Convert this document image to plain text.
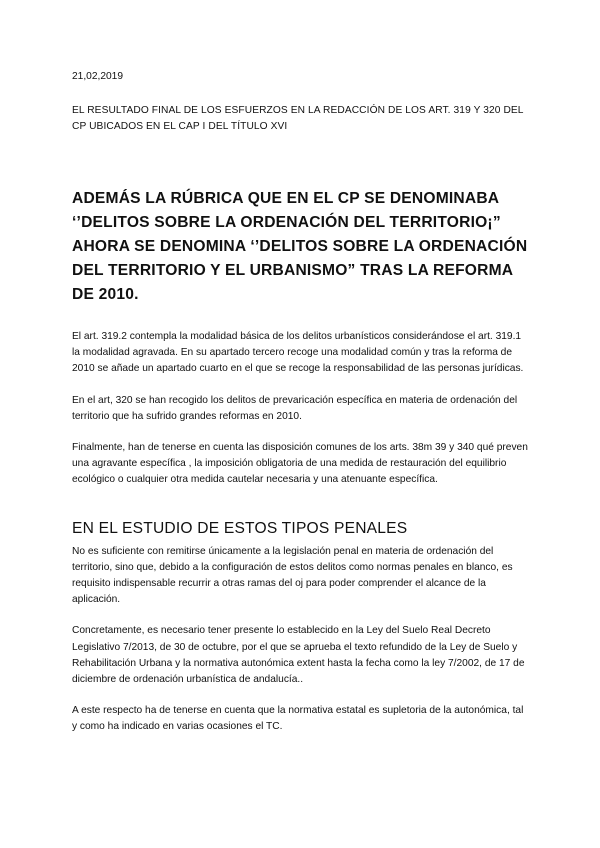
21,02,2019

EL RESULTADO FINAL DE LOS ESFUERZOS EN LA REDACCIÓN DE LOS ART. 319 Y 320 DEL CP UBICADOS EN EL CAP I DEL TÍTULO XVI

ADEMÁS LA RÚBRICA QUE EN EL CP SE DENOMINABA ‘’DELITOS SOBRE LA ORDENACIÓN DEL TERRITORIO¡” AHORA SE DENOMINA ‘’DELITOS SOBRE LA ORDENACIÓN DEL TERRITORIO Y EL URBANISMO” TRAS LA REFORMA DE 2010.

El art. 319.2 contempla la modalidad básica de los delitos urbanísticos considerándose el art. 319.1 la modalidad agravada. En su apartado tercero recoge una modalidad común y tras la reforma de 2010 se añade un apartado cuarto en el que se recoge la responsabilidad de las personas jurídicas.

En el art, 320 se han recogido los delitos de prevaricación específica en materia de ordenación del territorio que ha sufrido grandes reformas en 2010.

Finalmente, han de tenerse en cuenta las disposición comunes de los arts. 38m 39 y 340 qué preven una agravante específica , la imposición obligatoria de una medida de restauración del equilibrio ecológico o cualquier otra medida cautelar necesaria y una atenuante específica.

EN EL ESTUDIO DE ESTOS TIPOS PENALES

No es suficiente con remitirse únicamente a la legislación penal en materia de ordenación del territorio, sino que, debido a la configuración de estos delitos como normas penales en blanco, es requisito indispensable recurrir a otras ramas del oj para poder comprender el alcance de la aplicación.

Concretamente, es necesario tener presente lo establecido en la Ley del Suelo Real Decreto Legislativo 7/2013, de 30 de octubre, por el que se aprueba el texto refundido de la Ley de Suelo y Rehabilitación Urbana y la normativa autonómica extent hasta la fecha como la ley 7/2002, de 17 de diciembre de ordenación urbanística de andalucía..

A este respecto ha de tenerse en cuenta que la normativa estatal es supletoria de la autonómica, tal y como ha indicado en varias ocasiones el TC.
